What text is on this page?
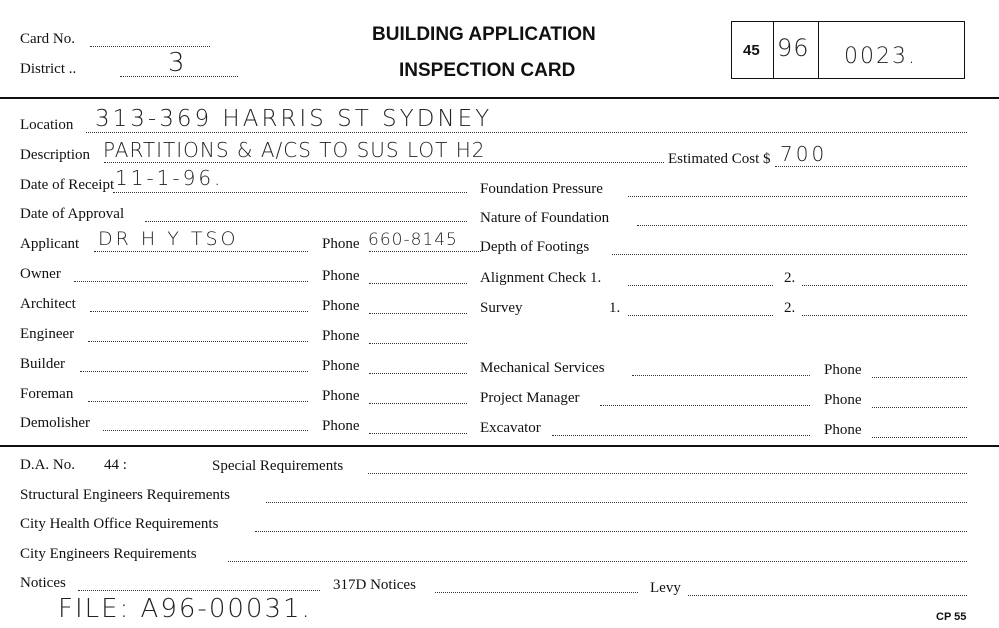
Card No.
District ..	3
BUILDING APPLICATION
INSPECTION CARD
45 96 0023.
Location 313-369 HARRIS ST SYDNEY
Description PARTITIONS & A/CS TO SUS LOT H2	Estimated Cost $ 700
Date of Receipt 11-1-96.	Foundation Pressure
Date of Approval	Nature of Foundation
Applicant DR H Y TSO	Phone 660-8145 Depth of Footings
Owner	Phone	Alignment Check 1.	2.
Architect	Phone	Survey	1.	2.
Engineer	Phone
Builder	Phone	Mechanical Services	Phone
Foreman	Phone	Project Manager	Phone
Demolisher	Phone	Excavator	Phone
D.A. No. 44 :	Special Requirements
Structural Engineers Requirements
City Health Office Requirements
City Engineers Requirements
Notices	317D Notices	Levy
FILE: A96-00031.	CP 55
